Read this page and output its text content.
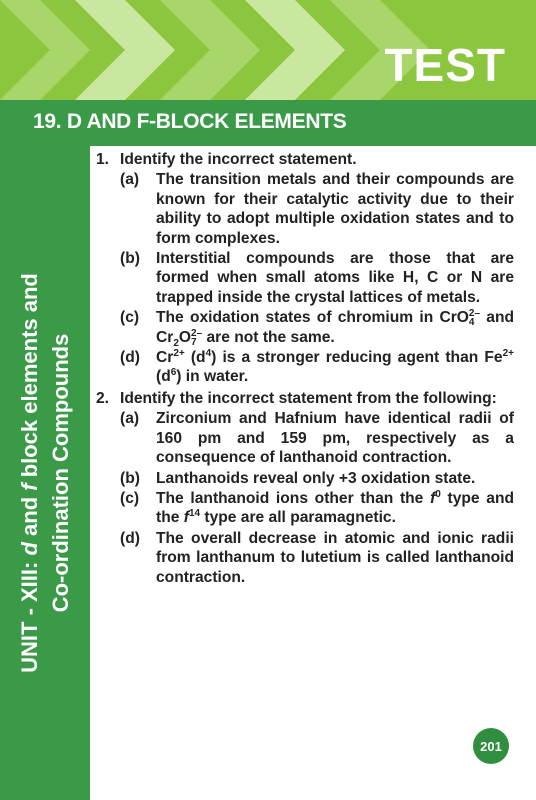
TEST
19. D AND F-BLOCK ELEMENTS
UNIT - XIII: d and f block elements and Co-ordination Compounds
1. Identify the incorrect statement.
(a)	The transition metals and their compounds are known for their catalytic activity due to their ability to adopt multiple oxidation states and to form complexes.
(b)	Interstitial compounds are those that are formed when small atoms like H, C or N are trapped inside the crystal lattices of metals.
(c)	The oxidation states of chromium in CrO 2–
4 and $Cr_2O$ 2–
7 are not the same.
(d)	$Cr^{2+}$ $(d^4)$ is a stronger reducing agent than $Fe^{2+}$ $(d^6)$ in water.
2. Identify the incorrect statement from the following:
(a)	Zirconium and Hafnium have identical radii of 160 pm and 159 pm, respectively as a consequence of lanthanoid contraction.
(b)	Lanthanoids reveal only +3 oxidation state.
(c)	The lanthanoid ions other than the $f^0$ type and the $f^{14}$ type are all paramagnetic.
(d)	The overall decrease in atomic and ionic radii from lanthanum to lutetium is called lanthanoid contraction.
201
